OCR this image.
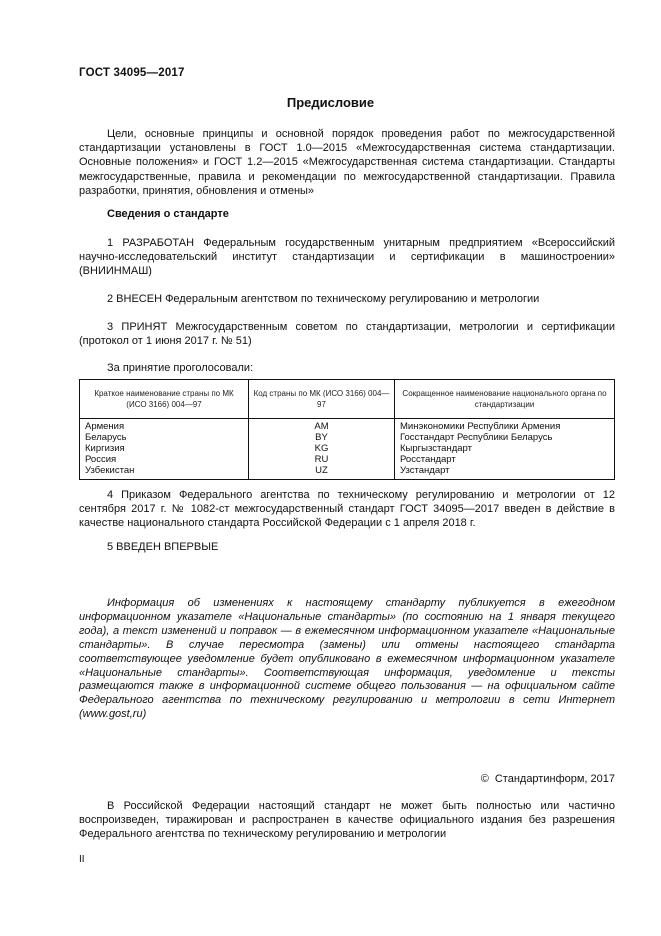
ГОСТ 34095—2017
Предисловие

Цели, основные принципы и основной порядок проведения работ по межгосударственной стандартизации установлены в ГОСТ 1.0—2015 «Межгосударственная система стандартизации. Основные положения» и ГОСТ 1.2—2015 «Межгосударственная система стандартизации. Стандарты межгосударственные, правила и рекомендации по межгосударственной стандартизации. Правила разработки, принятия, обновления и отмены»

Сведения о стандарте

1 РАЗРАБОТАН Федеральным государственным унитарным предприятием «Всероссийский научно-исследовательский институт стандартизации и сертификации в машиностроении» (ВНИИНМАШ)

2 ВНЕСЕН Федеральным агентством по техническому регулированию и метрологии

3 ПРИНЯТ Межгосударственным советом по стандартизации, метрологии и сертификации (протокол от 1 июня 2017 г. № 51)

За принятие проголосовали:
Краткое наименование страны по МК (ИСО 3166) 004—97	Код страны по МК (ИСО 3166) 004—97	Сокращенное наименование национального органа по стандартизации
Армения	AM	Минэкономики Республики Армения
Беларусь	BY	Госстандарт Республики Беларусь
Киргизия	KG	Кыргызстандарт
Россия	RU	Росстандарт
Узбекистан	UZ	Узстандарт

4 Приказом Федерального агентства по техническому регулированию и метрологии от 12 сентября 2017 г. № 1082-ст межгосударственный стандарт ГОСТ 34095—2017 введен в действие в качестве национального стандарта Российской Федерации с 1 апреля 2018 г.

5 ВВЕДЕН ВПЕРВЫЕ

Информация об изменениях к настоящему стандарту публикуется в ежегодном информационном указателе «Национальные стандарты» (по состоянию на 1 января текущего года), а текст изменений и поправок — в ежемесячном информационном указателе «Национальные стандарты». В случае пересмотра (замены) или отмены настоящего стандарта соответствующее уведомление будет опубликовано в ежемесячном информационном указателе «Национальные стандарты». Соответствующая информация, уведомление и тексты размещаются также в информационной системе общего пользования — на официальном сайте Федерального агентства по техническому регулированию и метрологии в сети Интернет (www.gost,ru)

© Стандартинформ, 2017

В Российской Федерации настоящий стандарт не может быть полностью или частично воспроизведен, тиражирован и распространен в качестве официального издания без разрешения Федерального агентства по техническому регулированию и метрологии

II
